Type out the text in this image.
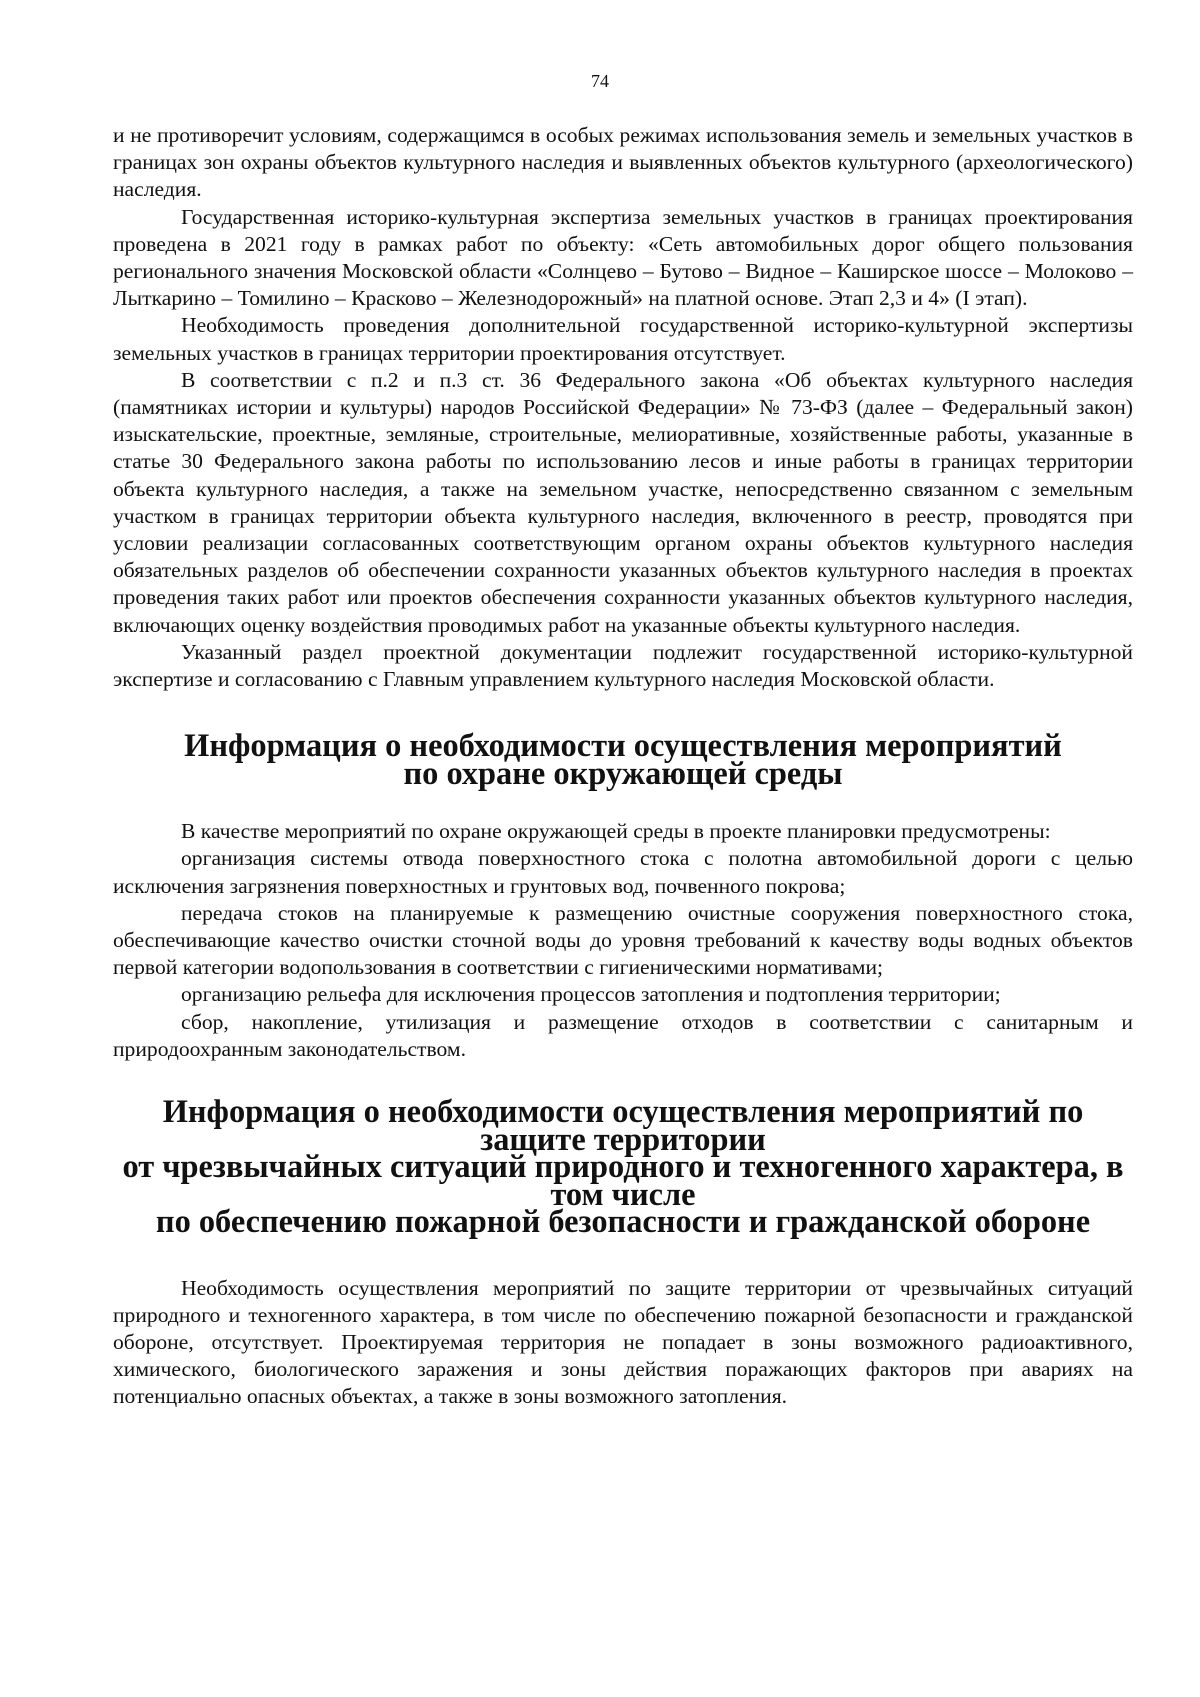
74

и не противоречит условиям, содержащимся в особых режимах использования земель и земельных участков в границах зон охраны объектов культурного наследия и выявленных объектов культурного (археологического) наследия.

Государственная историко-культурная экспертиза земельных участков в границах проектирования проведена в 2021 году в рамках работ по объекту: «Сеть автомобильных дорог общего пользования регионального значения Московской области «Солнцево – Бутово – Видное – Каширское шоссе – Молоково – Лыткарино – Томилино – Красково – Железнодорожный» на платной основе. Этап 2,3 и 4» (I этап).

Необходимость проведения дополнительной государственной историко-культурной экспертизы земельных участков в границах территории проектирования отсутствует.

В соответствии с п.2 и п.3 ст. 36 Федерального закона «Об объектах культурного наследия (памятниках истории и культуры) народов Российской Федерации» № 73-ФЗ (далее – Федеральный закон) изыскательские, проектные, земляные, строительные, мелиоративные, хозяйственные работы, указанные в статье 30 Федерального закона работы по использованию лесов и иные работы в границах территории объекта культурного наследия, а также на земельном участке, непосредственно связанном с земельным участком в границах территории объекта культурного наследия, включенного в реестр, проводятся при условии реализации согласованных соответствующим органом охраны объектов культурного наследия обязательных разделов об обеспечении сохранности указанных объектов культурного наследия в проектах проведения таких работ или проектов обеспечения сохранности указанных объектов культурного наследия, включающих оценку воздействия проводимых работ на указанные объекты культурного наследия.

Указанный раздел проектной документации подлежит государственной историко-культурной экспертизе и согласованию с Главным управлением культурного наследия Московской области.

Информация о необходимости осуществления мероприятий
по охране окружающей среды

В качестве мероприятий по охране окружающей среды в проекте планировки предусмотрены:

организация системы отвода поверхностного стока с полотна автомобильной дороги с целью исключения загрязнения поверхностных и грунтовых вод, почвенного покрова;

передача стоков на планируемые к размещению очистные сооружения поверхностного стока, обеспечивающие качество очистки сточной воды до уровня требований к качеству воды водных объектов первой категории водопользования в соответствии с гигиеническими нормативами;

организацию рельефа для исключения процессов затопления и подтопления территории;

сбор, накопление, утилизация и размещение отходов в соответствии с санитарным и природоохранным законодательством.

Информация о необходимости осуществления мероприятий по защите территории
от чрезвычайных ситуаций природного и техногенного характера, в том числе
по обеспечению пожарной безопасности и гражданской обороне

Необходимость осуществления мероприятий по защите территории от чрезвычайных ситуаций природного и техногенного характера, в том числе по обеспечению пожарной безопасности и гражданской обороне, отсутствует. Проектируемая территория не попадает в зоны возможного радиоактивного, химического, биологического заражения и зоны действия поражающих факторов при авариях на потенциально опасных объектах, а также в зоны возможного затопления.
